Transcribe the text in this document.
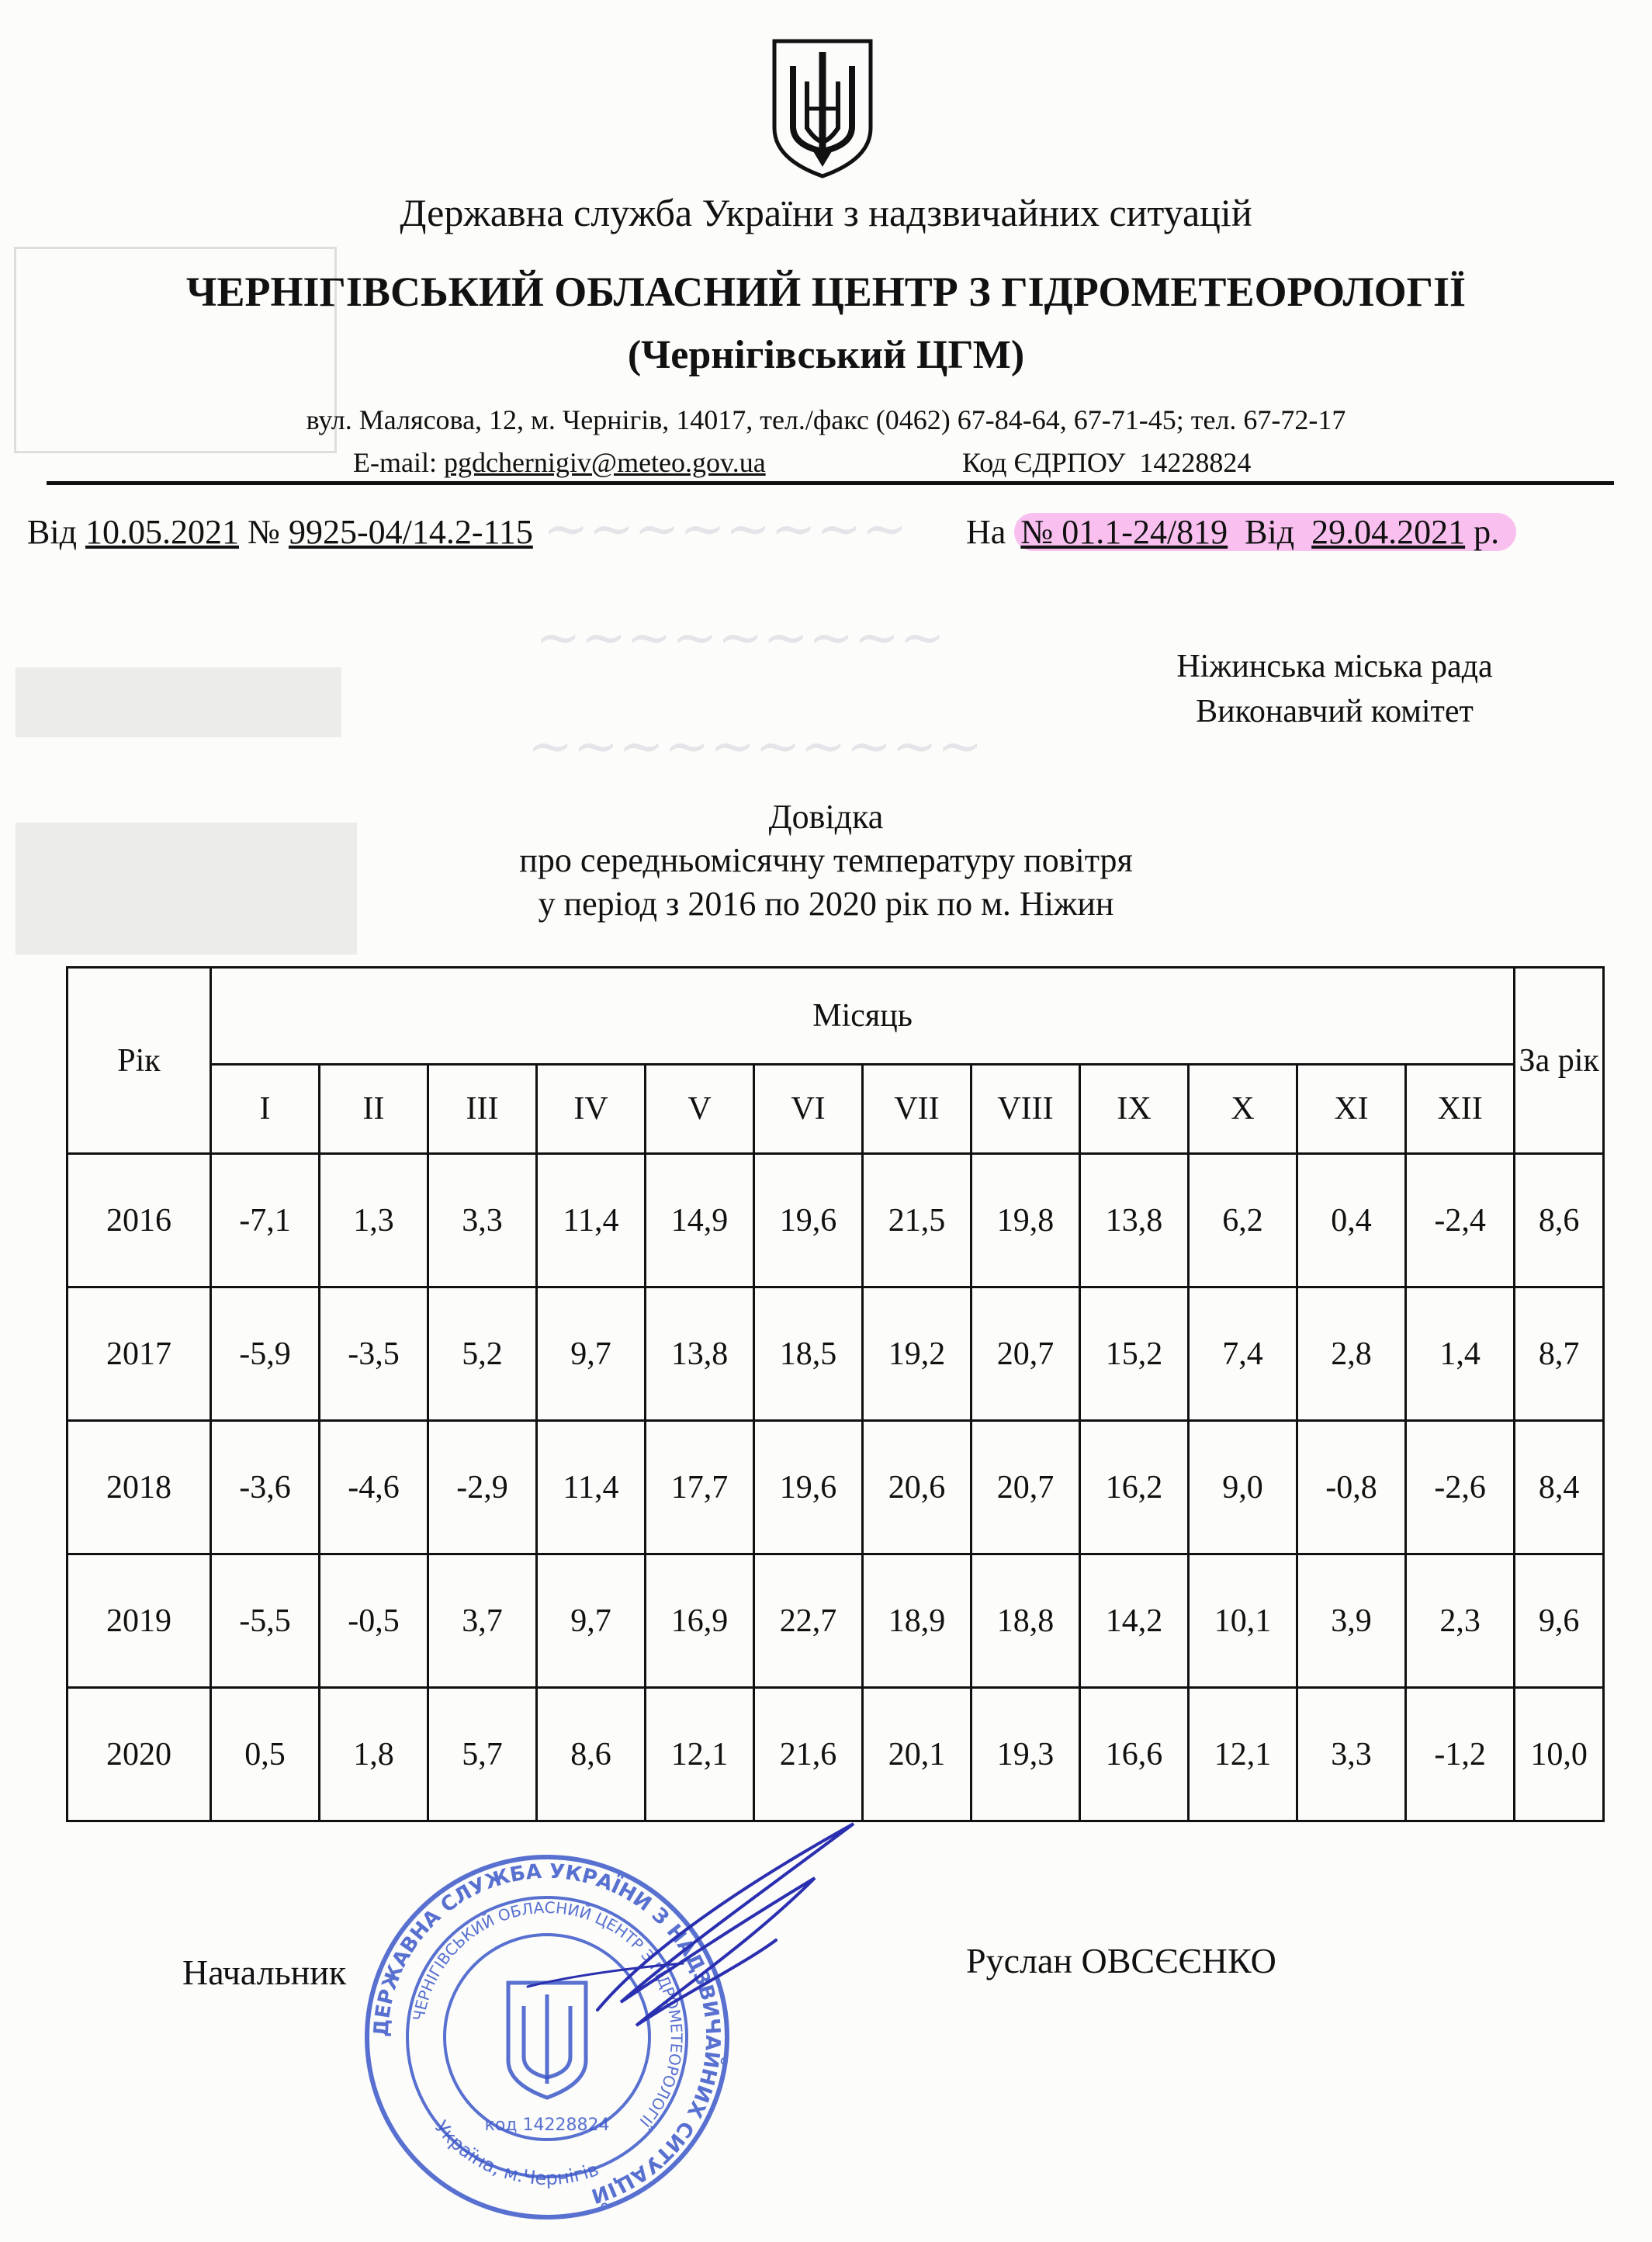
~~~~~~~~
~~~~~~~~~
~~~~~~~~~~
Державна служба України з надзвичайних ситуацій
ЧЕРНІГІВСЬКИЙ ОБЛАСНИЙ ЦЕНТР З ГІДРОМЕТЕОРОЛОГІЇ
(Чернігівський ЦГМ)
вул. Малясова, 12, м. Чернігів, 14017, тел./факс (0462) 67-84-64, 67-71-45; тел. 67-72-17
E-mail: pgdchernigiv@meteo.gov.ua	Код ЄДРПОУ 14228824
Від 10.05.2021 № 9925-04/14.2-115	На № 01.1-24/819 Від 29.04.2021 р.
Ніжинська міська рада
Виконавчий комітет
Довідка
про середньомісячну температуру повітря
у період з 2016 по 2020 рік по м. Ніжин
Рік	Місяць												За рік
	I	II	III	IV	V	VI	VII	VIII	IX	X	XI	XII	
2016	-7,1	1,3	3,3	11,4	14,9	19,6	21,5	19,8	13,8	6,2	0,4	-2,4	8,6
2017	-5,9	-3,5	5,2	9,7	13,8	18,5	19,2	20,7	15,2	7,4	2,8	1,4	8,7
2018	-3,6	-4,6	-2,9	11,4	17,7	19,6	20,6	20,7	16,2	9,0	-0,8	-2,6	8,4
2019	-5,5	-0,5	3,7	9,7	16,9	22,7	18,9	18,8	14,2	10,1	3,9	2,3	9,6
2020	0,5	1,8	5,7	8,6	12,1	21,6	20,1	19,3	16,6	12,1	3,3	-1,2	10,0
Начальник	Руслан ОВСЄЄНКО
ДЕРЖАВНА СЛУЖБА УКРАЇНИ З НАДЗВИЧАЙНИХ СИТУАЦІЙ
ЧЕРНІГІВСЬКИЙ ОБЛАСНИЙ ЦЕНТР З ГІДРОМЕТЕОРОЛОГІЇ
Україна, м.Чернігів
код 14228824
